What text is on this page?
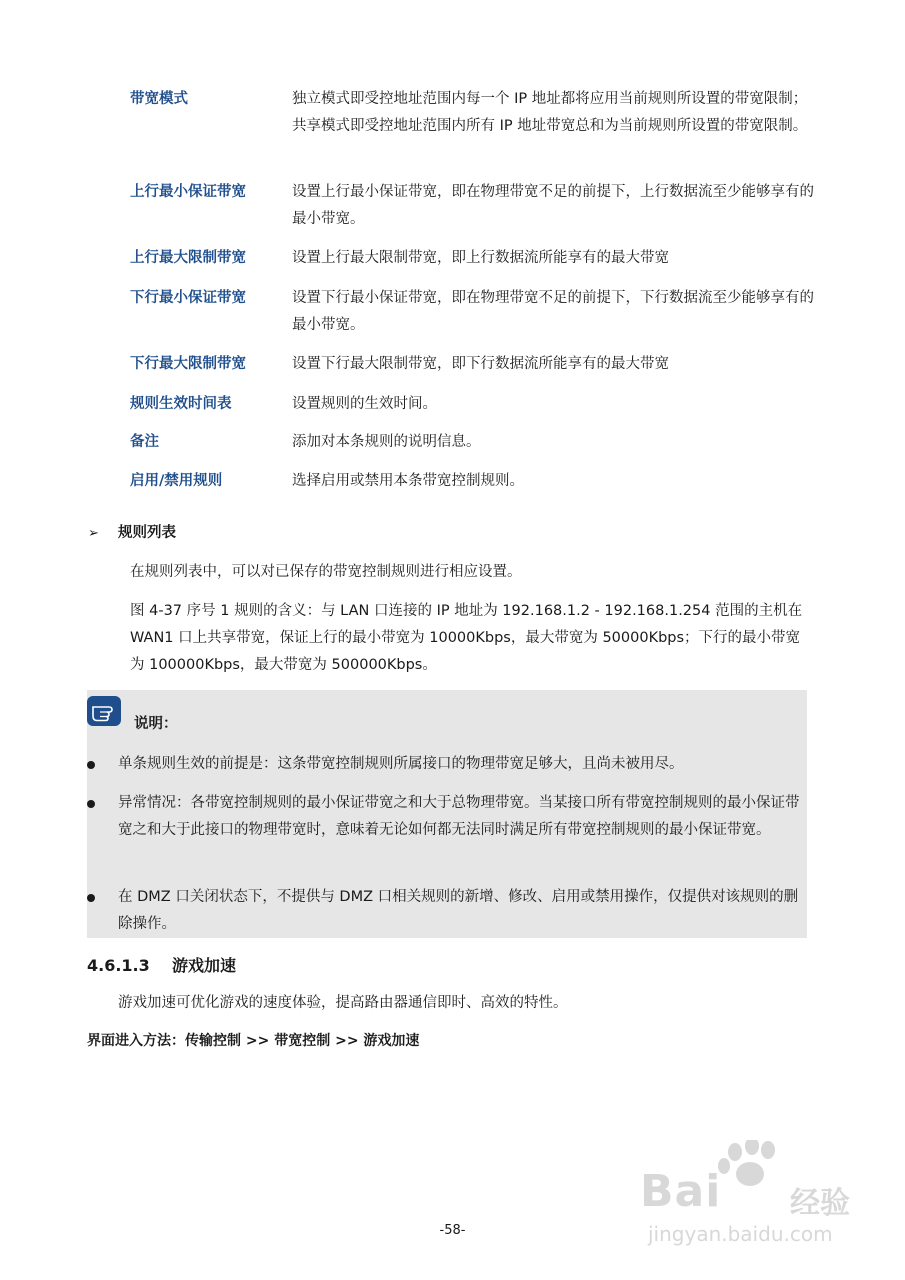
带宽模式	独立模式即受控地址范围内每一个 IP 地址都将应用当前规则所设置的带宽限制；共享模式即受控地址范围内所有 IP 地址带宽总和为当前规则所设置的带宽限制。
上行最小保证带宽	设置上行最小保证带宽，即在物理带宽不足的前提下，上行数据流至少能够享有的最小带宽。
上行最大限制带宽	设置上行最大限制带宽，即上行数据流所能享有的最大带宽
下行最小保证带宽	设置下行最小保证带宽，即在物理带宽不足的前提下，下行数据流至少能够享有的最小带宽。
下行最大限制带宽	设置下行最大限制带宽，即下行数据流所能享有的最大带宽
规则生效时间表	设置规则的生效时间。
备注	添加对本条规则的说明信息。
启用/禁用规则	选择启用或禁用本条带宽控制规则。
➢ 规则列表
在规则列表中，可以对已保存的带宽控制规则进行相应设置。
图 4-37 序号 1 规则的含义：与 LAN 口连接的 IP 地址为 192.168.1.2 - 192.168.1.254 范围的主机在 WAN1 口上共享带宽，保证上行的最小带宽为 10000Kbps，最大带宽为 50000Kbps；下行的最小带宽为 100000Kbps，最大带宽为 500000Kbps。
说明：
单条规则生效的前提是：这条带宽控制规则所属接口的物理带宽足够大，且尚未被用尽。
异常情况：各带宽控制规则的最小保证带宽之和大于总物理带宽。当某接口所有带宽控制规则的最小保证带宽之和大于此接口的物理带宽时，意味着无论如何都无法同时满足所有带宽控制规则的最小保证带宽。
在 DMZ 口关闭状态下，不提供与 DMZ 口相关规则的新增、修改、启用或禁用操作，仅提供对该规则的删除操作。
4.6.1.3 游戏加速
游戏加速可优化游戏的速度体验，提高路由器通信即时、高效的特性。
界面进入方法：传输控制 >> 带宽控制 >> 游戏加速
-58-
Bai 经验
jingyan.baidu.com
